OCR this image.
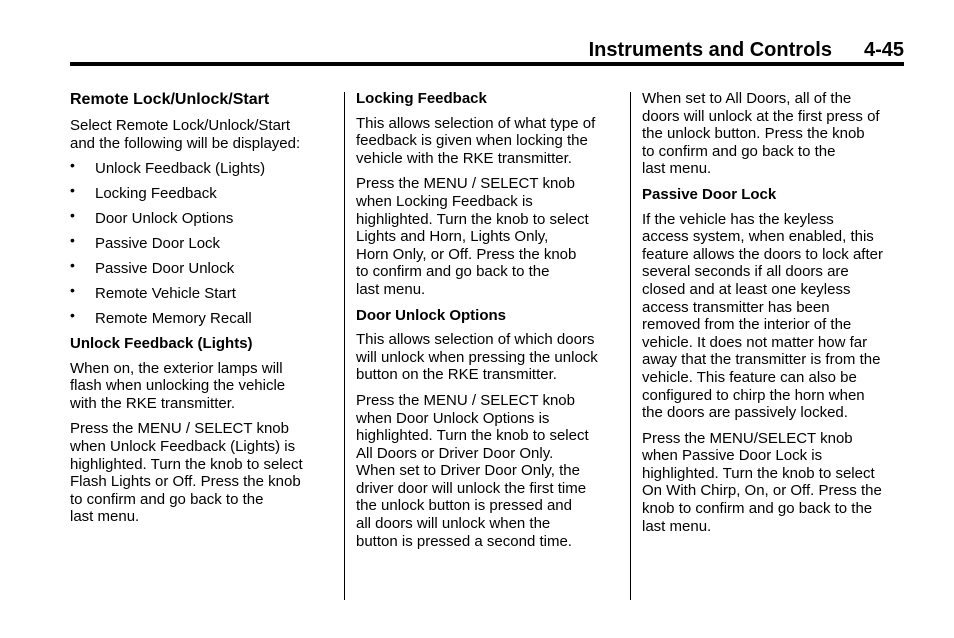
Instruments and Controls 4-45
Remote Lock/Unlock/Start

Select Remote Lock/Unlock/Start
and the following will be displayed:

• Unlock Feedback (Lights)
• Locking Feedback
• Door Unlock Options
• Passive Door Lock
• Passive Door Unlock
• Remote Vehicle Start
• Remote Memory Recall
Unlock Feedback (Lights)

When on, the exterior lamps will
flash when unlocking the vehicle
with the RKE transmitter.

Press the MENU / SELECT knob
when Unlock Feedback (Lights) is
highlighted. Turn the knob to select
Flash Lights or Off. Press the knob
to confirm and go back to the
last menu.

Locking Feedback

This allows selection of what type of
feedback is given when locking the
vehicle with the RKE transmitter.

Press the MENU / SELECT knob
when Locking Feedback is
highlighted. Turn the knob to select
Lights and Horn, Lights Only,
Horn Only, or Off. Press the knob
to confirm and go back to the
last menu.

Door Unlock Options

This allows selection of which doors
will unlock when pressing the unlock
button on the RKE transmitter.

Press the MENU / SELECT knob
when Door Unlock Options is
highlighted. Turn the knob to select
All Doors or Driver Door Only.
When set to Driver Door Only, the
driver door will unlock the first time
the unlock button is pressed and
all doors will unlock when the
button is pressed a second time.

When set to All Doors, all of the
doors will unlock at the first press of
the unlock button. Press the knob
to confirm and go back to the
last menu.

Passive Door Lock

If the vehicle has the keyless
access system, when enabled, this
feature allows the doors to lock after
several seconds if all doors are
closed and at least one keyless
access transmitter has been
removed from the interior of the
vehicle. It does not matter how far
away that the transmitter is from the
vehicle. This feature can also be
configured to chirp the horn when
the doors are passively locked.

Press the MENU/SELECT knob
when Passive Door Lock is
highlighted. Turn the knob to select
On With Chirp, On, or Off. Press the
knob to confirm and go back to the
last menu.
